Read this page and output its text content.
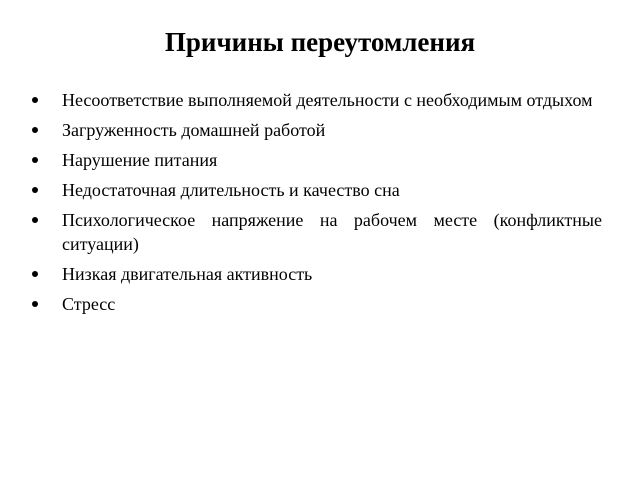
Причины переутомления
Несоответствие выполняемой деятельности с необходимым отдыхом
Загруженность домашней работой
Нарушение питания
Недостаточная длительность и качество сна
Психологическое напряжение на рабочем месте (конфликтные ситуации)
Низкая двигательная активность
Стресс
